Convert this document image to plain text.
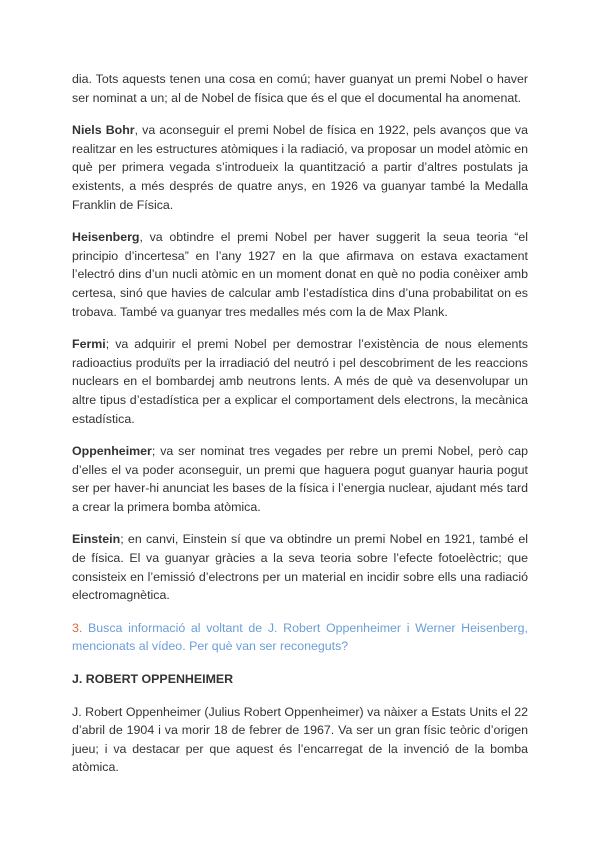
dia. Tots aquests tenen una cosa en comú; haver guanyat un premi Nobel o haver ser nominat a un; al de Nobel de física que és el que el documental ha anomenat.

Niels Bohr, va aconseguir el premi Nobel de física en 1922, pels avanços que va realitzar en les estructures atòmiques i la radiació, va proposar un model atòmic en què per primera vegada s’introdueix la quantització a partir d’altres postulats ja existents, a més després de quatre anys, en 1926 va guanyar també la Medalla Franklin de Física.

Heisenberg, va obtindre el premi Nobel per haver suggerit la seua teoria “el principio d’incertesa” en l’any 1927 en la que afirmava on estava exactament l’electró dins d’un nucli atòmic en un moment donat en què no podia conèixer amb certesa, sinó que havies de calcular amb l’estadística dins d’una probabilitat on es trobava. També va guanyar tres medalles més com la de Max Plank.

Fermi; va adquirir el premi Nobel per demostrar l’existència de nous elements radioactius produïts per la irradiació del neutró i pel descobriment de les reaccions nuclears en el bombardej amb neutrons lents. A més de què va desenvolupar un altre tipus d’estadística per a explicar el comportament dels electrons, la mecànica estadística.

Oppenheimer; va ser nominat tres vegades per rebre un premi Nobel, però cap d’elles el va poder aconseguir, un premi que haguera pogut guanyar hauria pogut ser per haver-hi anunciat les bases de la física i l’energia nuclear, ajudant més tard a crear la primera bomba atòmica.

Einstein; en canvi, Einstein sí que va obtindre un premi Nobel en 1921, també el de física. El va guanyar gràcies a la seva teoria sobre l’efecte fotoelèctric; que consisteix en l’emissió d’electrons per un material en incidir sobre ells una radiació electromagnètica.

3. Busca informació al voltant de J. Robert Oppenheimer i Werner Heisenberg, mencionats al vídeo. Per què van ser reconeguts?

J. ROBERT OPPENHEIMER

J. Robert Oppenheimer (Julius Robert Oppenheimer) va nàixer a Estats Units el 22 d’abril de 1904 i va morir 18 de febrer de 1967. Va ser un gran físic teòric d’origen jueu; i va destacar per que aquest és l’encarregat de la invenció de la bomba atòmica.
